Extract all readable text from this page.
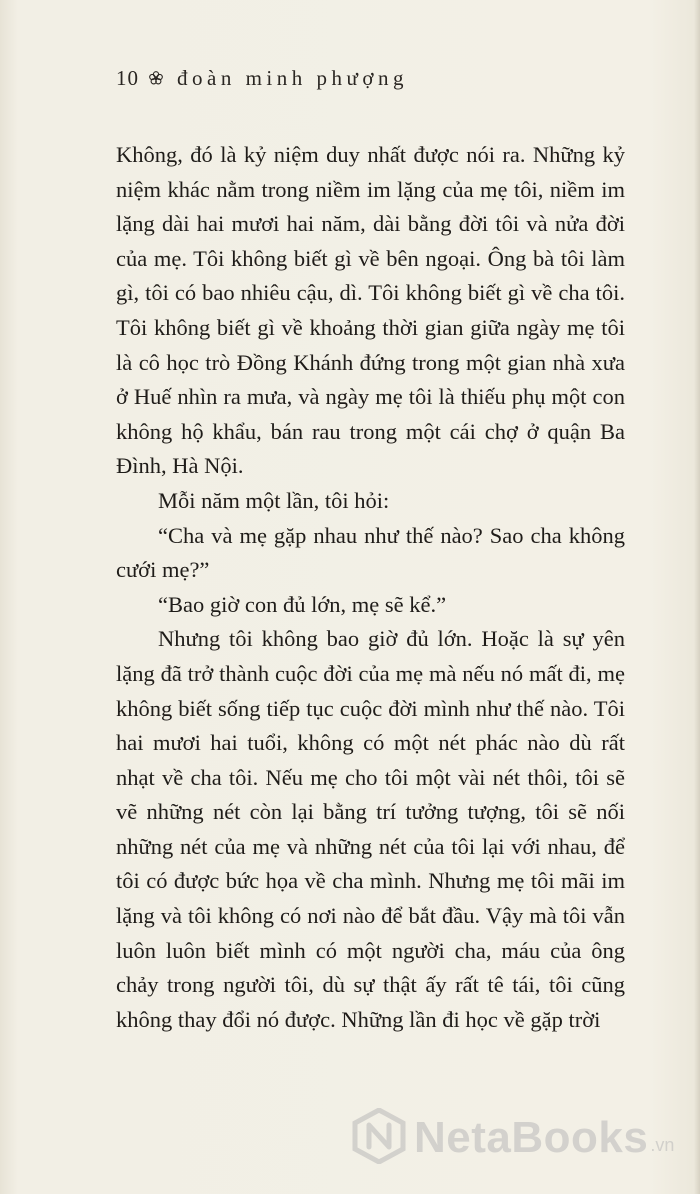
10 đoàn minh phượng

Không, đó là kỷ niệm duy nhất được nói ra. Những kỷ niệm khác nằm trong niềm im lặng của mẹ tôi, niềm im lặng dài hai mươi hai năm, dài bằng đời tôi và nửa đời của mẹ. Tôi không biết gì về bên ngoại. Ông bà tôi làm gì, tôi có bao nhiêu cậu, dì. Tôi không biết gì về cha tôi. Tôi không biết gì về khoảng thời gian giữa ngày mẹ tôi là cô học trò Đồng Khánh đứng trong một gian nhà xưa ở Huế nhìn ra mưa, và ngày mẹ tôi là thiếu phụ một con không hộ khẩu, bán rau trong một cái chợ ở quận Ba Đình, Hà Nội.

Mỗi năm một lần, tôi hỏi:

“Cha và mẹ gặp nhau như thế nào? Sao cha không cưới mẹ?”

“Bao giờ con đủ lớn, mẹ sẽ kể.”

Nhưng tôi không bao giờ đủ lớn. Hoặc là sự yên lặng đã trở thành cuộc đời của mẹ mà nếu nó mất đi, mẹ không biết sống tiếp tục cuộc đời mình như thế nào. Tôi hai mươi hai tuổi, không có một nét phác nào dù rất nhạt về cha tôi. Nếu mẹ cho tôi một vài nét thôi, tôi sẽ vẽ những nét còn lại bằng trí tưởng tượng, tôi sẽ nối những nét của mẹ và những nét của tôi lại với nhau, để tôi có được bức họa về cha mình. Nhưng mẹ tôi mãi im lặng và tôi không có nơi nào để bắt đầu. Vậy mà tôi vẫn luôn luôn biết mình có một người cha, máu của ông chảy trong người tôi, dù sự thật ấy rất tê tái, tôi cũng không thay đổi nó được. Những lần đi học về gặp trời

NetaBooks .vn
